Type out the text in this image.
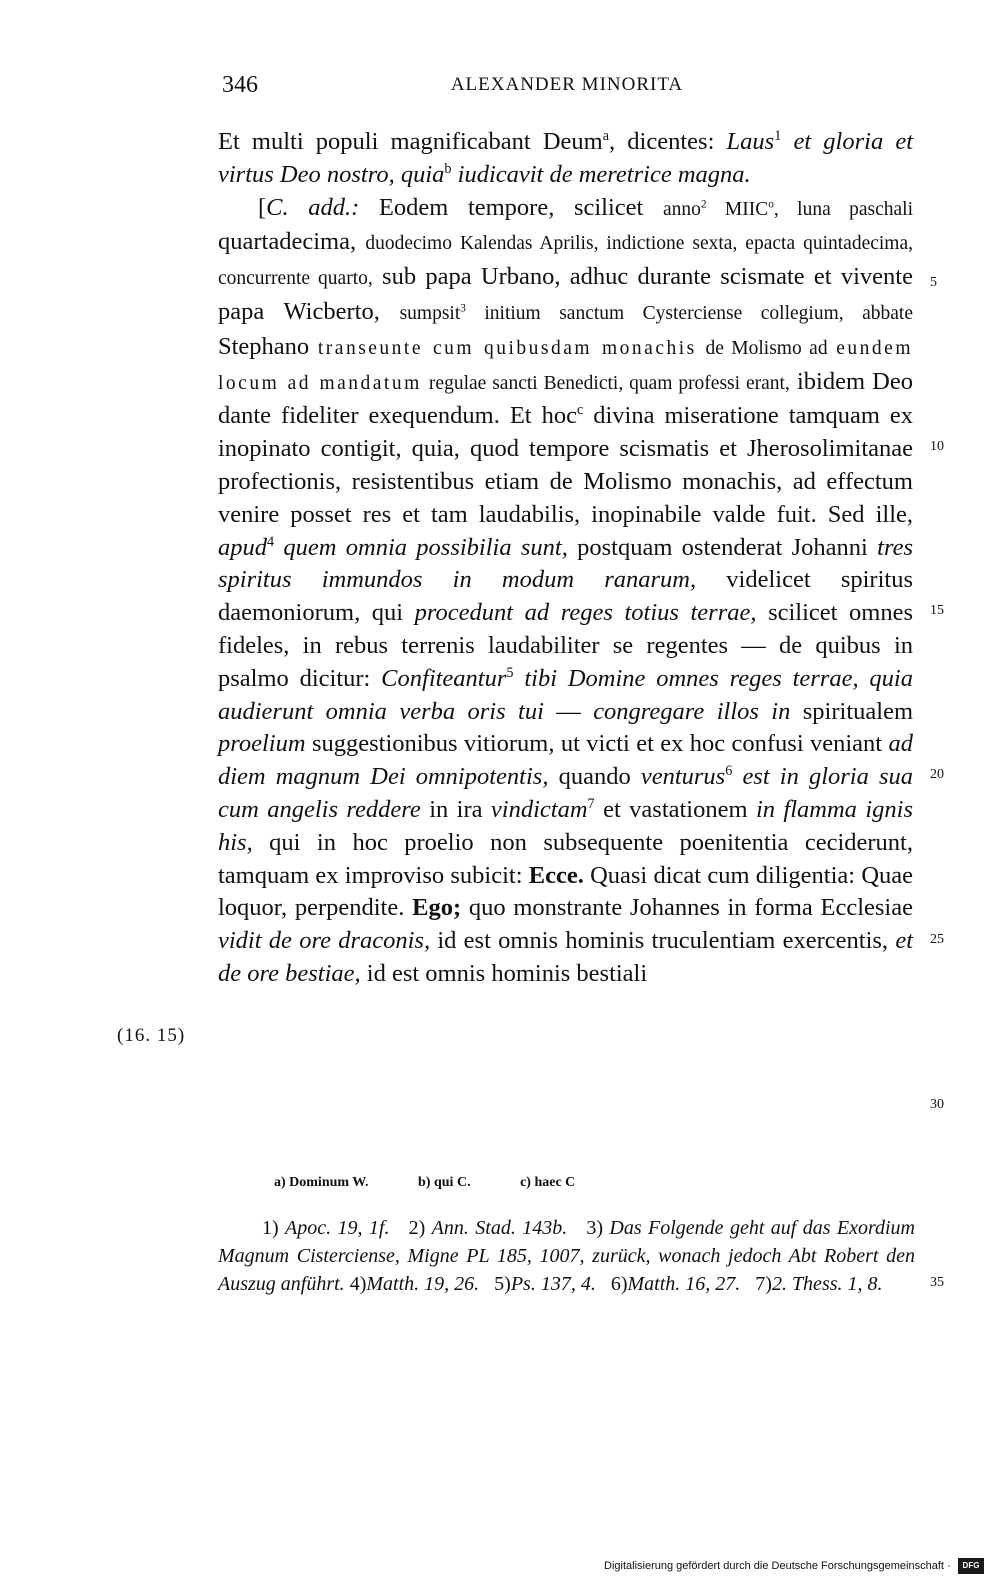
346	ALEXANDER MINORITA

Et multi populi magnificabant Deum$^a$, dicentes: Laus$^1$ et gloria et virtus Deo nostro, quia$^b$ iudicavit de meretrice magna.

[C. add.: Eodem tempore, scilicet anno$^2$ MIIC$^o$, luna paschali quartadecima, duodecimo Kalendas Aprilis, indictione sexta, epacta quintadecima, concurrente quarto, sub papa Urbano, adhuc durante scismate et vivente papa Wicberto, sumpsit$^3$ initium sanctum Cysterciense collegium, abbate Stephano transeunte cum quibusdam monachis de Molismo ad eundem locum ad mandatum regulae sancti Benedicti, quam professi erant, ibidem Deo dante fideliter exequendum. Et hoc$^c$ divina miseratione tamquam ex inopinato contigit, quia, quod tempore scismatis et Jherosolimitanae profectionis, resistentibus etiam de Molismo monachis, ad effectum venire posset res et tam laudabilis, inopinabile valde fuit. Sed ille, apud$^4$ quem omnia possibilia sunt, postquam ostenderat Johanni tres spiritus immundos in modum ranarum, videlicet spiritus daemoniorum, qui procedunt ad reges totius terrae, scilicet omnes fideles, in rebus terrenis laudabiliter se regentes — de quibus in psalmo dicitur: Confiteantur$^5$ tibi Domine omnes reges terrae, quia audierunt omnia verba oris tui — congregare illos in spiritualem proelium suggestionibus vitiorum, ut victi et ex hoc confusi veniant ad diem magnum Dei omnipotentis, quando venturus$^6$ est in gloria sua cum angelis reddere in ira vindictam$^7$ et vastationem in flamma ignis his, qui in hoc proelio non subsequente poenitentia ceciderunt, tamquam ex improviso subicit: Ecce. Quasi dicat cum diligentia: Quae loquor, perpendite. Ego; quo monstrante Johannes in forma Ecclesiae vidit de ore draconis, id est omnis hominis truculentiam exercentis, et de ore bestiae, id est omnis hominis bestiali

5
10
15
20
25
30
35
(16. 15)
a) Dominum W.	b) qui C.	c) haec C

1) Apoc. 19, 1f.   2) Ann. Stad. 143b.   3) Das Folgende geht auf das Exordium Magnum Cisterciense, Migne PL 185, 1007, zurück, wonach jedoch Abt Robert den Auszug anführt. 4)Matth. 19, 26.   5)Ps. 137, 4.   6)Matth. 16, 27.   7)2. Thess. 1, 8.

Digitalisierung gefördert durch die Deutsche Forschungsgemeinschaft ·	DFG
